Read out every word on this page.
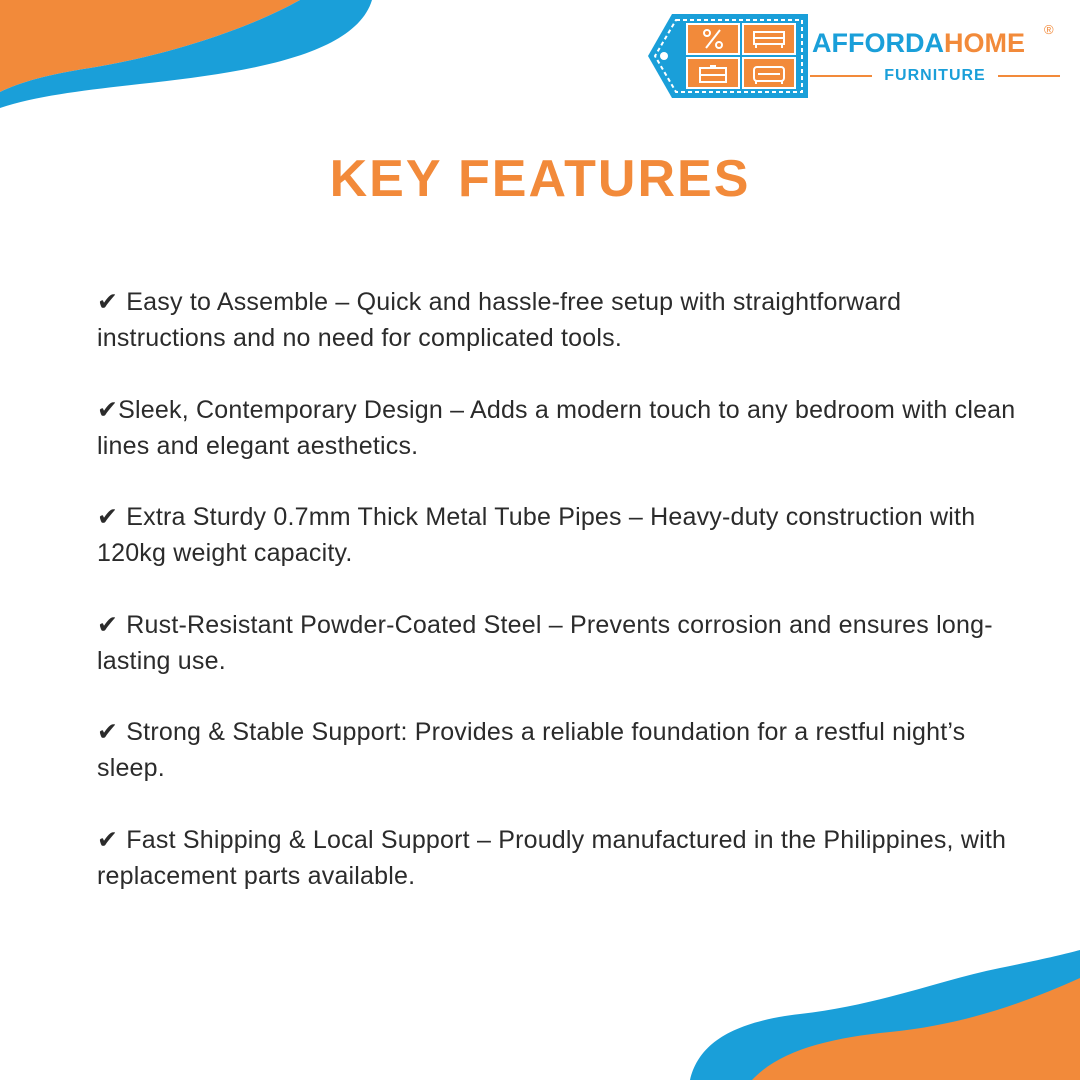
AFFORDAHOME ®
FURNITURE
KEY FEATURES
✔ Easy to Assemble – Quick and hassle-free setup with straightforward instructions and no need for complicated tools.
✔Sleek, Contemporary Design – Adds a modern touch to any bedroom with clean lines and elegant aesthetics.
✔ Extra Sturdy 0.7mm Thick Metal Tube Pipes – Heavy-duty construction with 120kg weight capacity.
✔ Rust-Resistant Powder-Coated Steel – Prevents corrosion and ensures long-lasting use.
✔ Strong & Stable Support: Provides a reliable foundation for a restful night’s sleep.
✔ Fast Shipping & Local Support – Proudly manufactured in the Philippines, with replacement parts available.
